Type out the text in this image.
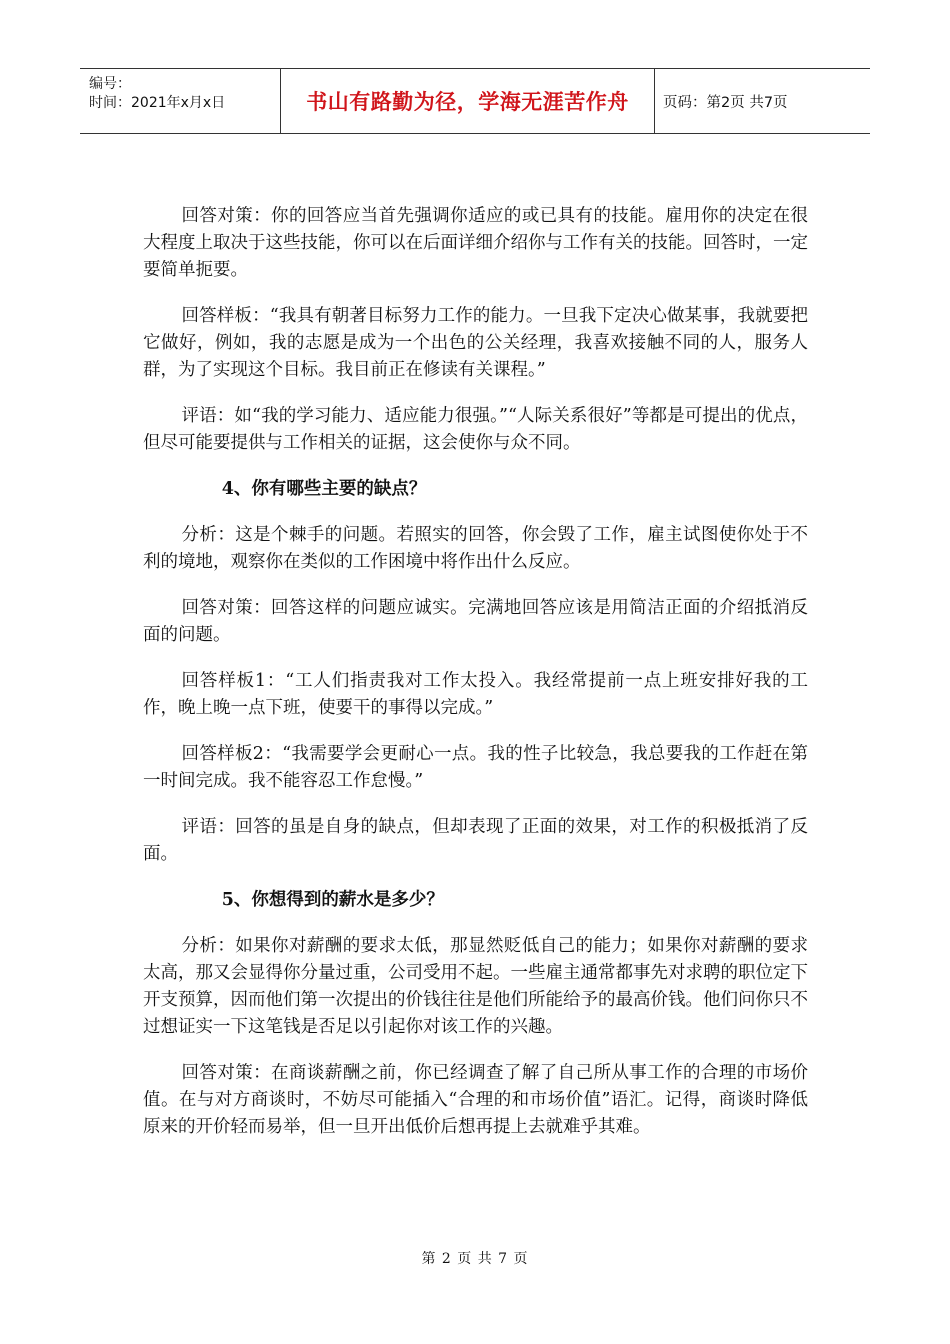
编号：
时间：2021年x月x日	书山有路勤为径，学海无涯苦作舟 页码：第2页 共7页

回答对策：你的回答应当首先强调你适应的或已具有的技能。雇用你的决定在很大程度上取决于这些技能，你可以在后面详细介绍你与工作有关的技能。回答时，一定要简单扼要。

回答样板：“我具有朝著目标努力工作的能力。一旦我下定决心做某事，我就要把它做好，例如，我的志愿是成为一个出色的公关经理，我喜欢接触不同的人，服务人群，为了实现这个目标。我目前正在修读有关课程。”

评语：如“我的学习能力、适应能力很强。”“人际关系很好”等都是可提出的优点，但尽可能要提供与工作相关的证据，这会使你与众不同。

4、你有哪些主要的缺点？

分析：这是个棘手的问题。若照实的回答，你会毁了工作，雇主试图使你处于不利的境地，观察你在类似的工作困境中将作出什么反应。

回答对策：回答这样的问题应诚实。完满地回答应该是用简洁正面的介绍抵消反面的问题。

回答样板1：“工人们指责我对工作太投入。我经常提前一点上班安排好我的工作，晚上晚一点下班，使要干的事得以完成。”

回答样板2：“我需要学会更耐心一点。我的性子比较急，我总要我的工作赶在第一时间完成。我不能容忍工作怠慢。”

评语：回答的虽是自身的缺点，但却表现了正面的效果，对工作的积极抵消了反面。

5、你想得到的薪水是多少？

分析：如果你对薪酬的要求太低，那显然贬低自己的能力；如果你对薪酬的要求太高，那又会显得你分量过重，公司受用不起。一些雇主通常都事先对求聘的职位定下开支预算，因而他们第一次提出的价钱往往是他们所能给予的最高价钱。他们问你只不过想证实一下这笔钱是否足以引起你对该工作的兴趣。

回答对策：在商谈薪酬之前，你已经调查了解了自己所从事工作的合理的市场价值。在与对方商谈时，不妨尽可能插入“合理的和市场价值”语汇。记得，商谈时降低原来的开价轻而易举，但一旦开出低价后想再提上去就难乎其难。

第 2 页 共 7 页
